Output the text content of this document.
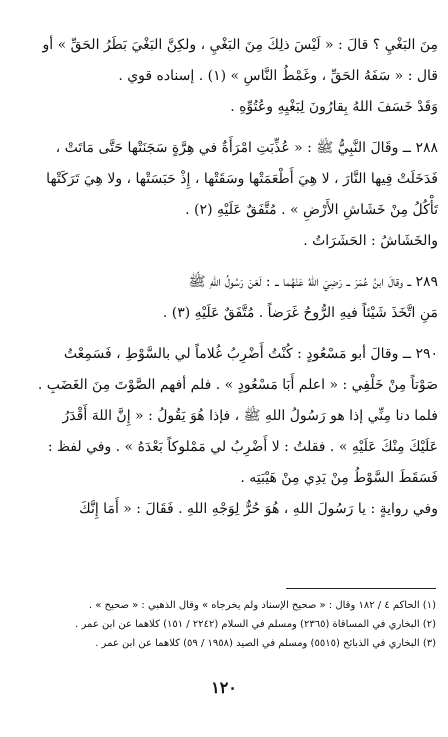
مِنَ البَغْيِ ؟ قالَ : « لَيْسَ ذلِكَ مِنَ البَغْيِ ، ولكِنَّ البَغْيَ بَطَرُ الحَقِّ » أو

قال : « سَفَهُ الحَقِّ ، وغَمْطُ النَّاسِ » (١) . إسناده قوي .

وَقَدْ خَسَفَ اللهُ بِقارُونَ لِبَغْيِهِ وعُتُوِّهِ .

٢٨٨ ــ وقَالَ النَّبِيُّ ﷺ : « عُذِّبَتِ امْرَأَةٌ في هِرَّةٍ سَجَنَتْها حَتَّى مَاتَتْ ،

فَدَخَلَتْ فِيها النَّارَ ، لا هِيَ أَطْعَمَتْها وسَقَتْها ، إِذْ حَبَسَتْها ، ولا هِيَ تَرَكَتْها

تَأْكُلُ مِنْ خَشَاشِ الأَرْضِ » . مُتَّفَقٌ عَلَيْهِ (٢) .

والخَشَاشُ : الحَشَرَاتُ .

٢٨٩ ــ وقالَ ابنُ عُمَرَ ــ رَضِيَ اللهُ عَنْهُما ــ : لَعَنَ رَسُولُ اللهِ ﷺ

مَنِ اتَّخَذَ شَيْئاً فيهِ الرُّوحُ غَرَضاً . مُتَّفَقٌ عَلَيْهِ (٣) .

٢٩٠ ــ وقالَ أبو مَسْعُودٍ : كُنْتُ أَضْرِبُ غُلاماً لي بالسَّوْطِ ، فَسَمِعْتُ

صَوْتاً مِنْ خَلْفِي : « اعلم أَبَا مَسْعُودٍ » . فلم أفهم الصَّوْتَ مِنَ الغَضَبِ .

فلما دنا مِنِّي إذا هو رَسُولُ اللهِ ﷺ ، فإذا هُوَ يَقُولُ : « إِنَّ اللهَ أَقْدَرُ

عَلَيْكَ مِنْكَ عَلَيْهِ » . فقلتُ : لا أَضْرِبُ لي مَمْلوكاً بَعْدَهُ » . وفي لفظ :

فَسَقَطَ السَّوْطُ مِنْ يَدِي مِنْ هَيْبَتِه .

وفي روايةٍ : يا رَسُولَ اللهِ ، هُوَ حُرٌّ لِوَجْهِ اللهِ . فَقَالَ : « أَمَا إِنَّكَ

(١) الحاكم ٤ / ١٨٢ وقال : « صحيح الإسناد ولم يخرجاه » وقال الذهبي : « صحيح » .

(٢) البخاري في المساقاة (٢٣٦٥) ومسلم في السلام (٢٢٤٢ / ١٥١) كلاهما عن ابن عمر .

(٣) البخاري في الذبائح (٥٥١٥) ومسلم في الصيد (١٩٥٨ / ٥٩) كلاهما عن ابن عمر .

١٢٠
